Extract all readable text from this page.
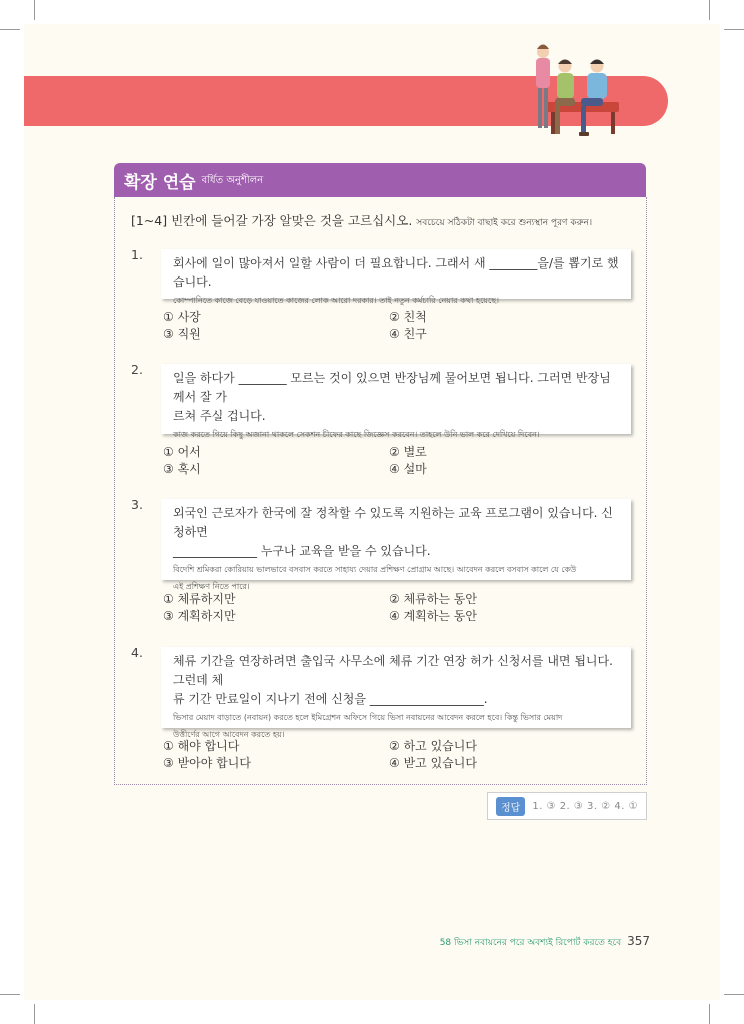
확장 연습 বর্ধিত অনুশীলন
[1~4] 빈칸에 들어갈 가장 알맞은 것을 고르십시오. সবচেয়ে সঠিকটা বাছাই করে শুন্যস্থান পূরণ করুন।
1.
회사에 일이 많아져서 일할 사람이 더 필요합니다. 그래서 새 ________을/를 뽑기로 했습니다.
কোম্পানিতে কাজে বেড়ে যাওয়াতে কাজের লোক আরো দরকার। তাই নতুন কর্মচারি নেয়ার কথা হয়েছে।
① 사장	② 친척
③ 직원	④ 친구
2.
일을 하다가 ________ 모르는 것이 있으면 반장님께 물어보면 됩니다. 그러면 반장님께서 잘 가
르쳐 주실 겁니다.
কাজ করতে গিয়ে কিছু অজানা থাকলে সেকশন চীফের কাছে জিজ্ঞেস করবেন। তাহলে উনি ভাল করে দেখিয়ে দিবেন।
① 어서	② 별로
③ 혹시	④ 설마
3.
외국인 근로자가 한국에 잘 정착할 수 있도록 지원하는 교육 프로그램이 있습니다. 신청하면
______________ 누구나 교육을 받을 수 있습니다.
বিদেশি শ্রমিকরা কোরিয়ায় ভালভাবে বসবাস করতে সাহায্য দেয়ার প্রশিক্ষণ প্রোগ্রাম আছে। আবেদন করলে বসবাস কালে যে কেউ
এই প্রশিক্ষণ নিতে পারে।
① 체류하지만	② 체류하는 동안
③ 계획하지만	④ 계획하는 동안
4.
체류 기간을 연장하려면 출입국 사무소에 체류 기간 연장 허가 신청서를 내면 됩니다. 그런데 체
류 기간 만료일이 지나기 전에 신청을 ___________________.
ভিসার মেয়াদ বাড়াতে (নবায়ন) করতে হলে ইমিগ্রেশন অফিসে গিয়ে ভিসা নবায়নের আবেদন করলে হবে। কিন্তু ভিসার মেয়াদ
উত্তীর্ণের আগে আবেদন করতে হয়।
① 해야 합니다	② 하고 있습니다
③ 받아야 합니다	④ 받고 있습니다
정답	1. ③ 2. ③ 3. ② 4. ①
58 ভিসা নবায়নের পরে অবশ্যই রিপোর্ট করতে হবে 357
